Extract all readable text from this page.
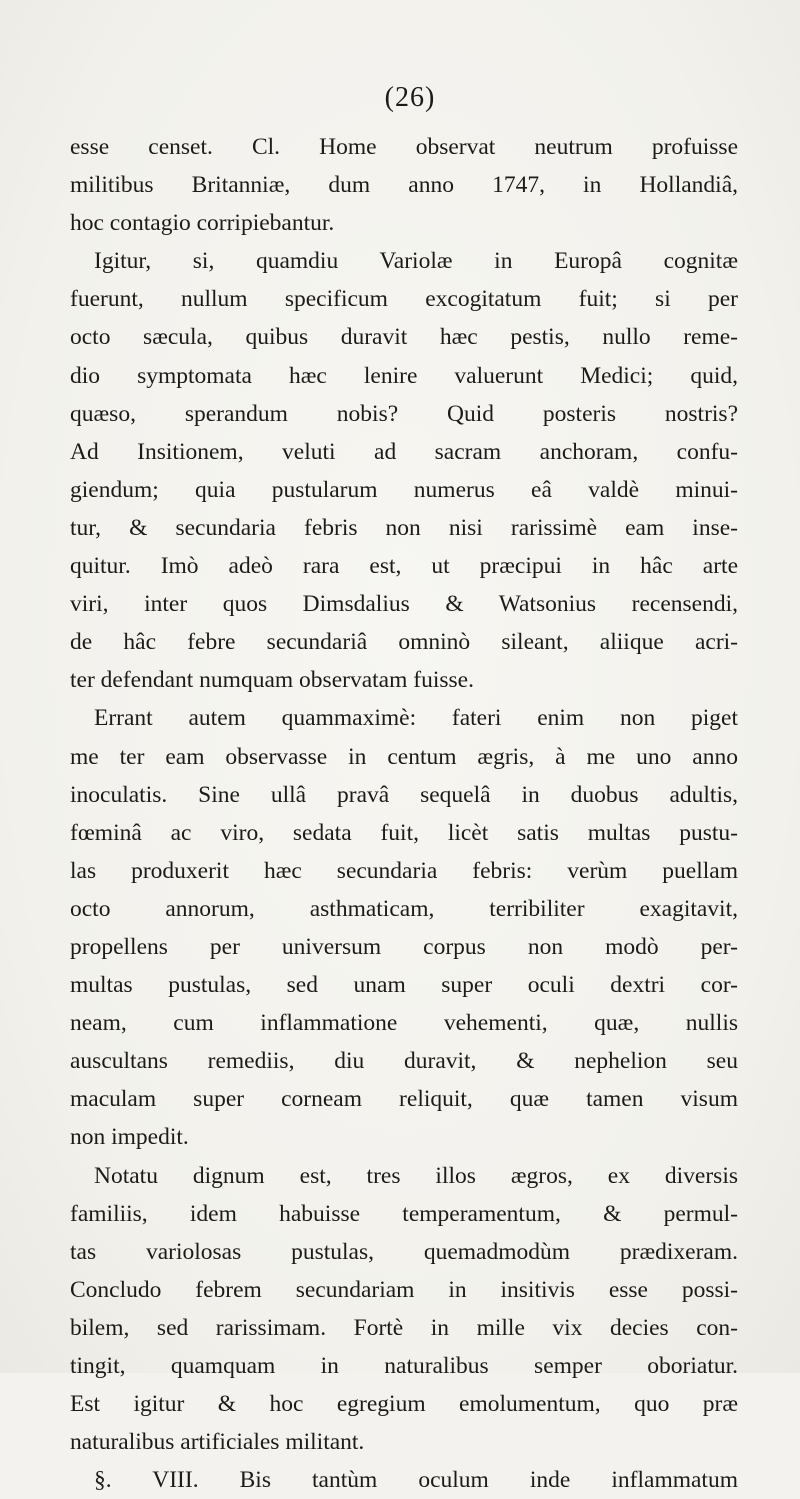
(26)
esse censet. Cl. Home observat neutrum profuisse
militibus Britanniæ, dum anno 1747, in Hollandiâ,
hoc contagio corripiebantur.
Igitur, si, quamdiu Variolæ in Europâ cognitæ
fuerunt, nullum specificum excogitatum fuit; si per
octo sæcula, quibus duravit hæc pestis, nullo reme-
dio symptomata hæc lenire valuerunt Medici; quid,
quæso, sperandum nobis? Quid posteris nostris?
Ad Insitionem, veluti ad sacram anchoram, confu-
giendum; quia pustularum numerus eâ valdè minui-
tur, & secundaria febris non nisi rarissimè eam inse-
quitur. Imò adeò rara est, ut præcipui in hâc arte
viri, inter quos Dimsdalius & Watsonius recensendi,
de hâc febre secundariâ omninò sileant, aliique acri-
ter defendant numquam observatam fuisse.
Errant autem quammaximè: fateri enim non piget
me ter eam observasse in centum ægris, à me uno anno
inoculatis. Sine ullâ pravâ sequelâ in duobus adultis,
fœminâ ac viro, sedata fuit, licèt satis multas pustu-
las produxerit hæc secundaria febris: verùm puellam
octo annorum, asthmaticam, terribiliter exagitavit,
propellens per universum corpus non modò per-
multas pustulas, sed unam super oculi dextri cor-
neam, cum inflammatione vehementi, quæ, nullis
auscultans remediis, diu duravit, & nephelion seu
maculam super corneam reliquit, quæ tamen visum
non impedit.
Notatu dignum est, tres illos ægros, ex diversis
familiis, idem habuisse temperamentum, & permul-
tas variolosas pustulas, quemadmodùm prædixeram.
Concludo febrem secundariam in insitivis esse possi-
bilem, sed rarissimam. Fortè in mille vix decies con-
tingit, quamquam in naturalibus semper oboriatur.
Est igitur & hoc egregium emolumentum, quo præ
naturalibus artificiales militant.
§. VIII. Bis tantùm oculum inde inflammatum
